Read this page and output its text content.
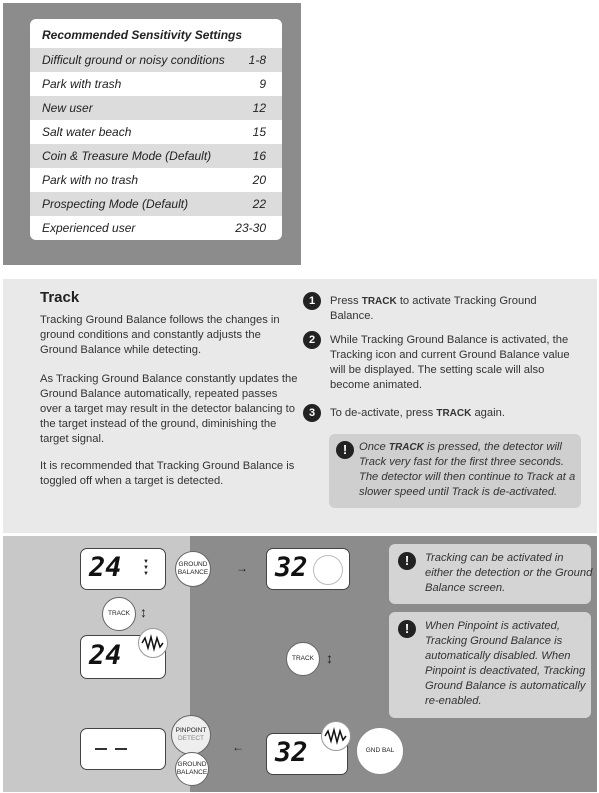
Recommended Sensitivity Settings
Difficult ground or noisy conditions 1-8
Park with trash	9
New user	12
Salt water beach	15
Coin & Treasure Mode (Default)	16
Park with no trash	20
Prospecting Mode (Default)	22
Experienced user	23-30
Track
Tracking Ground Balance follows the changes in ground conditions and constantly adjusts the Ground Balance while detecting.
As Tracking Ground Balance constantly updates the Ground Balance automatically, repeated passes over a target may result in the detector balancing to the target instead of the ground, diminishing the target signal.
It is recommended that Tracking Ground Balance is toggled off when a target is detected.
1	Press TRACK to activate Tracking Ground Balance.
2	While Tracking Ground Balance is activated, the Tracking icon and current Ground Balance value will be displayed. The setting scale will also become animated.
3	To de-activate, press TRACK again.
!	Once TRACK is pressed, the detector will Track very fast for the first three seconds. The detector will then continue to Track at a slower speed until Track is de-activated.
24	▼
▼
▼
GROUND BALANCE → 32
TRACK ↕
24	TRACK ↕
PINPOINT
DETECT
GROUND BALANCE
← 32	GND BAL
!	Tracking can be activated in either the detection or the Ground Balance screen.
!	When Pinpoint is activated, Tracking Ground Balance is automatically disabled. When Pinpoint is deactivated, Tracking Ground Balance is automatically re-enabled.
